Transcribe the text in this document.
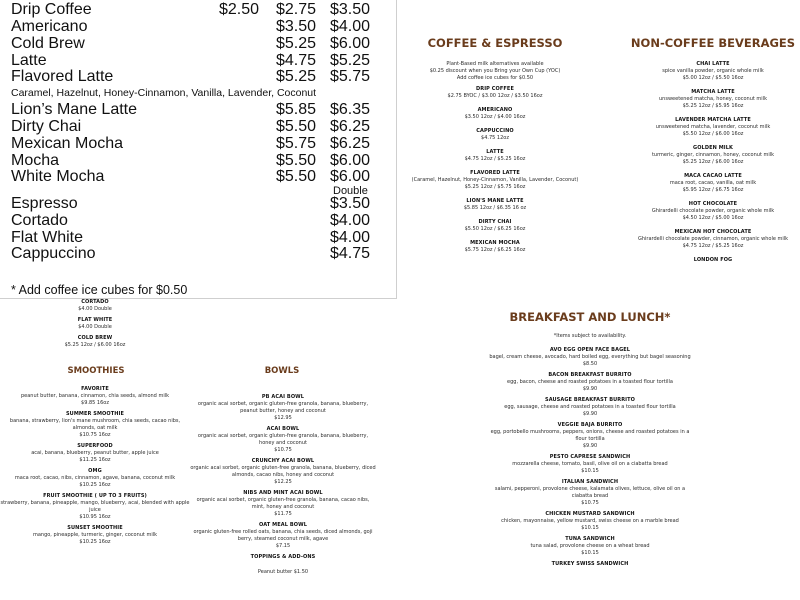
Drip Coffee	$2.50	$2.75 $3.50
Americano	$3.50 $4.00
Cold Brew	$5.25 $6.00
Latte	$4.75 $5.25
Flavored Latte	$5.25 $5.75
Lion’s Mane Latte	$5.85 $6.35
Dirty Chai	$5.50 $6.25
Mexican Mocha	$5.75 $6.25
Mocha	$5.50 $6.00
White Mocha	$5.50 $6.00
Espresso	$3.50
Cortado	$4.00
Flat White	$4.00
Cappuccino	$4.75
Caramel, Hazelnut, Honey-Cinnamon, Vanilla, Lavender, Coconut
Double
* Add coffee ice cubes for $0.50
COFFEE & ESPRESSO
Plant-Based milk alternatives available
$0.25 discount when you Bring your Own Cup (YOC)
Add coffee ice cubes for $0.50
DRIP COFFEE
$2.75 BYOC / $3.00 12oz / $3.50 16oz
AMERICANO
$3.50 12oz / $4.00 16oz
CAPPUCCINO
$4.75 12oz
LATTE
$4.75 12oz / $5.25 16oz
FLAVORED LATTE
(Caramel, Hazelnut, Honey-Cinnamon, Vanilla, Lavender, Coconut)
$5.25 12oz / $5.75 16oz
LION'S MANE LATTE
$5.85 12oz / $6.35 16 oz
DIRTY CHAI
$5.50 12oz / $6.25 16oz
MEXICAN MOCHA
$5.75 12oz / $6.25 16oz
NON-COFFEE BEVERAGES
CHAI LATTE
spice vanilla powder, organic whole milk
$5.00 12oz / $5.50 16oz
MATCHA LATTE
unsweetened matcha, honey, coconut milk
$5.25 12oz / $5.95 16oz
LAVENDER MATCHA LATTE
unsweetened matcha, lavender, coconut milk
$5.50 12oz / $6.00 16oz
GOLDEN MILK
turmeric, ginger, cinnamon, honey, coconut milk
$5.25 12oz / $6.00 16oz
MACA CACAO LATTE
maca root, cacao, vanilla, oat milk
$5.95 12oz / $6.75 16oz
HOT CHOCOLATE
Ghirardelli chocolate powder, organic whole milk
$4.50 12oz / $5.00 16oz
MEXICAN HOT CHOCOLATE
Ghirardelli chocolate powder, cinnamon, organic whole milk
$4.75 12oz / $5.25 16oz
LONDON FOG
CORTADO
$4.00 Double
FLAT WHITE
$4.00 Double
COLD BREW
$5.25 12oz / $6.00 16oz
SMOOTHIES
FAVORITE
peanut butter, banana, cinnamon, chia seeds, almond milk
$9.85 16oz
SUMMER SMOOTHIE
banana, strawberry, lion's mane mushroom, chia seeds, cacao nibs, almonds, oat milk
$10.75 16oz
SUPERFOOD
acai, banana, blueberry, peanut butter, apple juice
$11.25 16oz
OMG
maca root, cacao, nibs, cinnamon, agave, banana, coconut milk
$10.25 16oz
FRUIT SMOOTHIE ( UP TO 3 FRUITS)
strawberry, banana, pineapple, mango, blueberry, acai, blended with apple juice
$10.95 16oz
SUNSET SMOOTHIE
mango, pineapple, turmeric, ginger, coconut milk
$10.25 16oz
BOWLS
PB ACAI BOWL
organic acai sorbet, organic gluten-free granola, banana, blueberry, peanut butter, honey and coconut
$12.95
ACAI BOWL
organic acai sorbet, organic gluten-free granola, banana, blueberry, honey and coconut
$10.75
CRUNCHY ACAI BOWL
organic acai sorbet, organic gluten-free granola, banana, blueberry, diced almonds, cacao nibs, honey and coconut
$12.25
NIBS AND MINT ACAI BOWL
organic acai sorbet, organic gluten-free granola, banana, cacao nibs, mint, honey and coconut
$11.75
OAT MEAL BOWL
organic gluten-free rolled oats, banana, chia seeds, diced almonds, goji berry, steamed coconut milk, agave
$7.15
TOPPINGS & ADD-ONS
Peanut butter $1.50
BREAKFAST AND LUNCH*
*Items subject to availability.
AVO EGG OPEN FACE BAGEL
bagel, cream cheese, avocado, hard boiled egg, everything but bagel seasoning
$8.50
BACON BREAKFAST BURRITO
egg, bacon, cheese and roasted potatoes in a toasted flour tortilla
$9.90
SAUSAGE BREAKFAST BURRITO
egg, sausage, cheese and roasted potatoes in a toasted flour tortilla
$9.90
VEGGIE BAJA BURRITO
egg, portobello mushrooms, peppers, onions, cheese and roasted potatoes in a flour tortilla
$9.90
PESTO CAPRESE SANDWICH
mozzarella cheese, tomato, basil, olive oil on a ciabatta bread
$10.15
ITALIAN SANDWICH
salami, pepperoni, provolone cheese, kalamata olives, lettuce, olive oil on a ciabatta bread
$10.75
CHICKEN MUSTARD SANDWICH
chicken, mayonnaise, yellow mustard, swiss cheese on a marble bread
$10.15
TUNA SANDWICH
tuna salad, provolone cheese on a wheat bread
$10.15
TURKEY SWISS SANDWICH
